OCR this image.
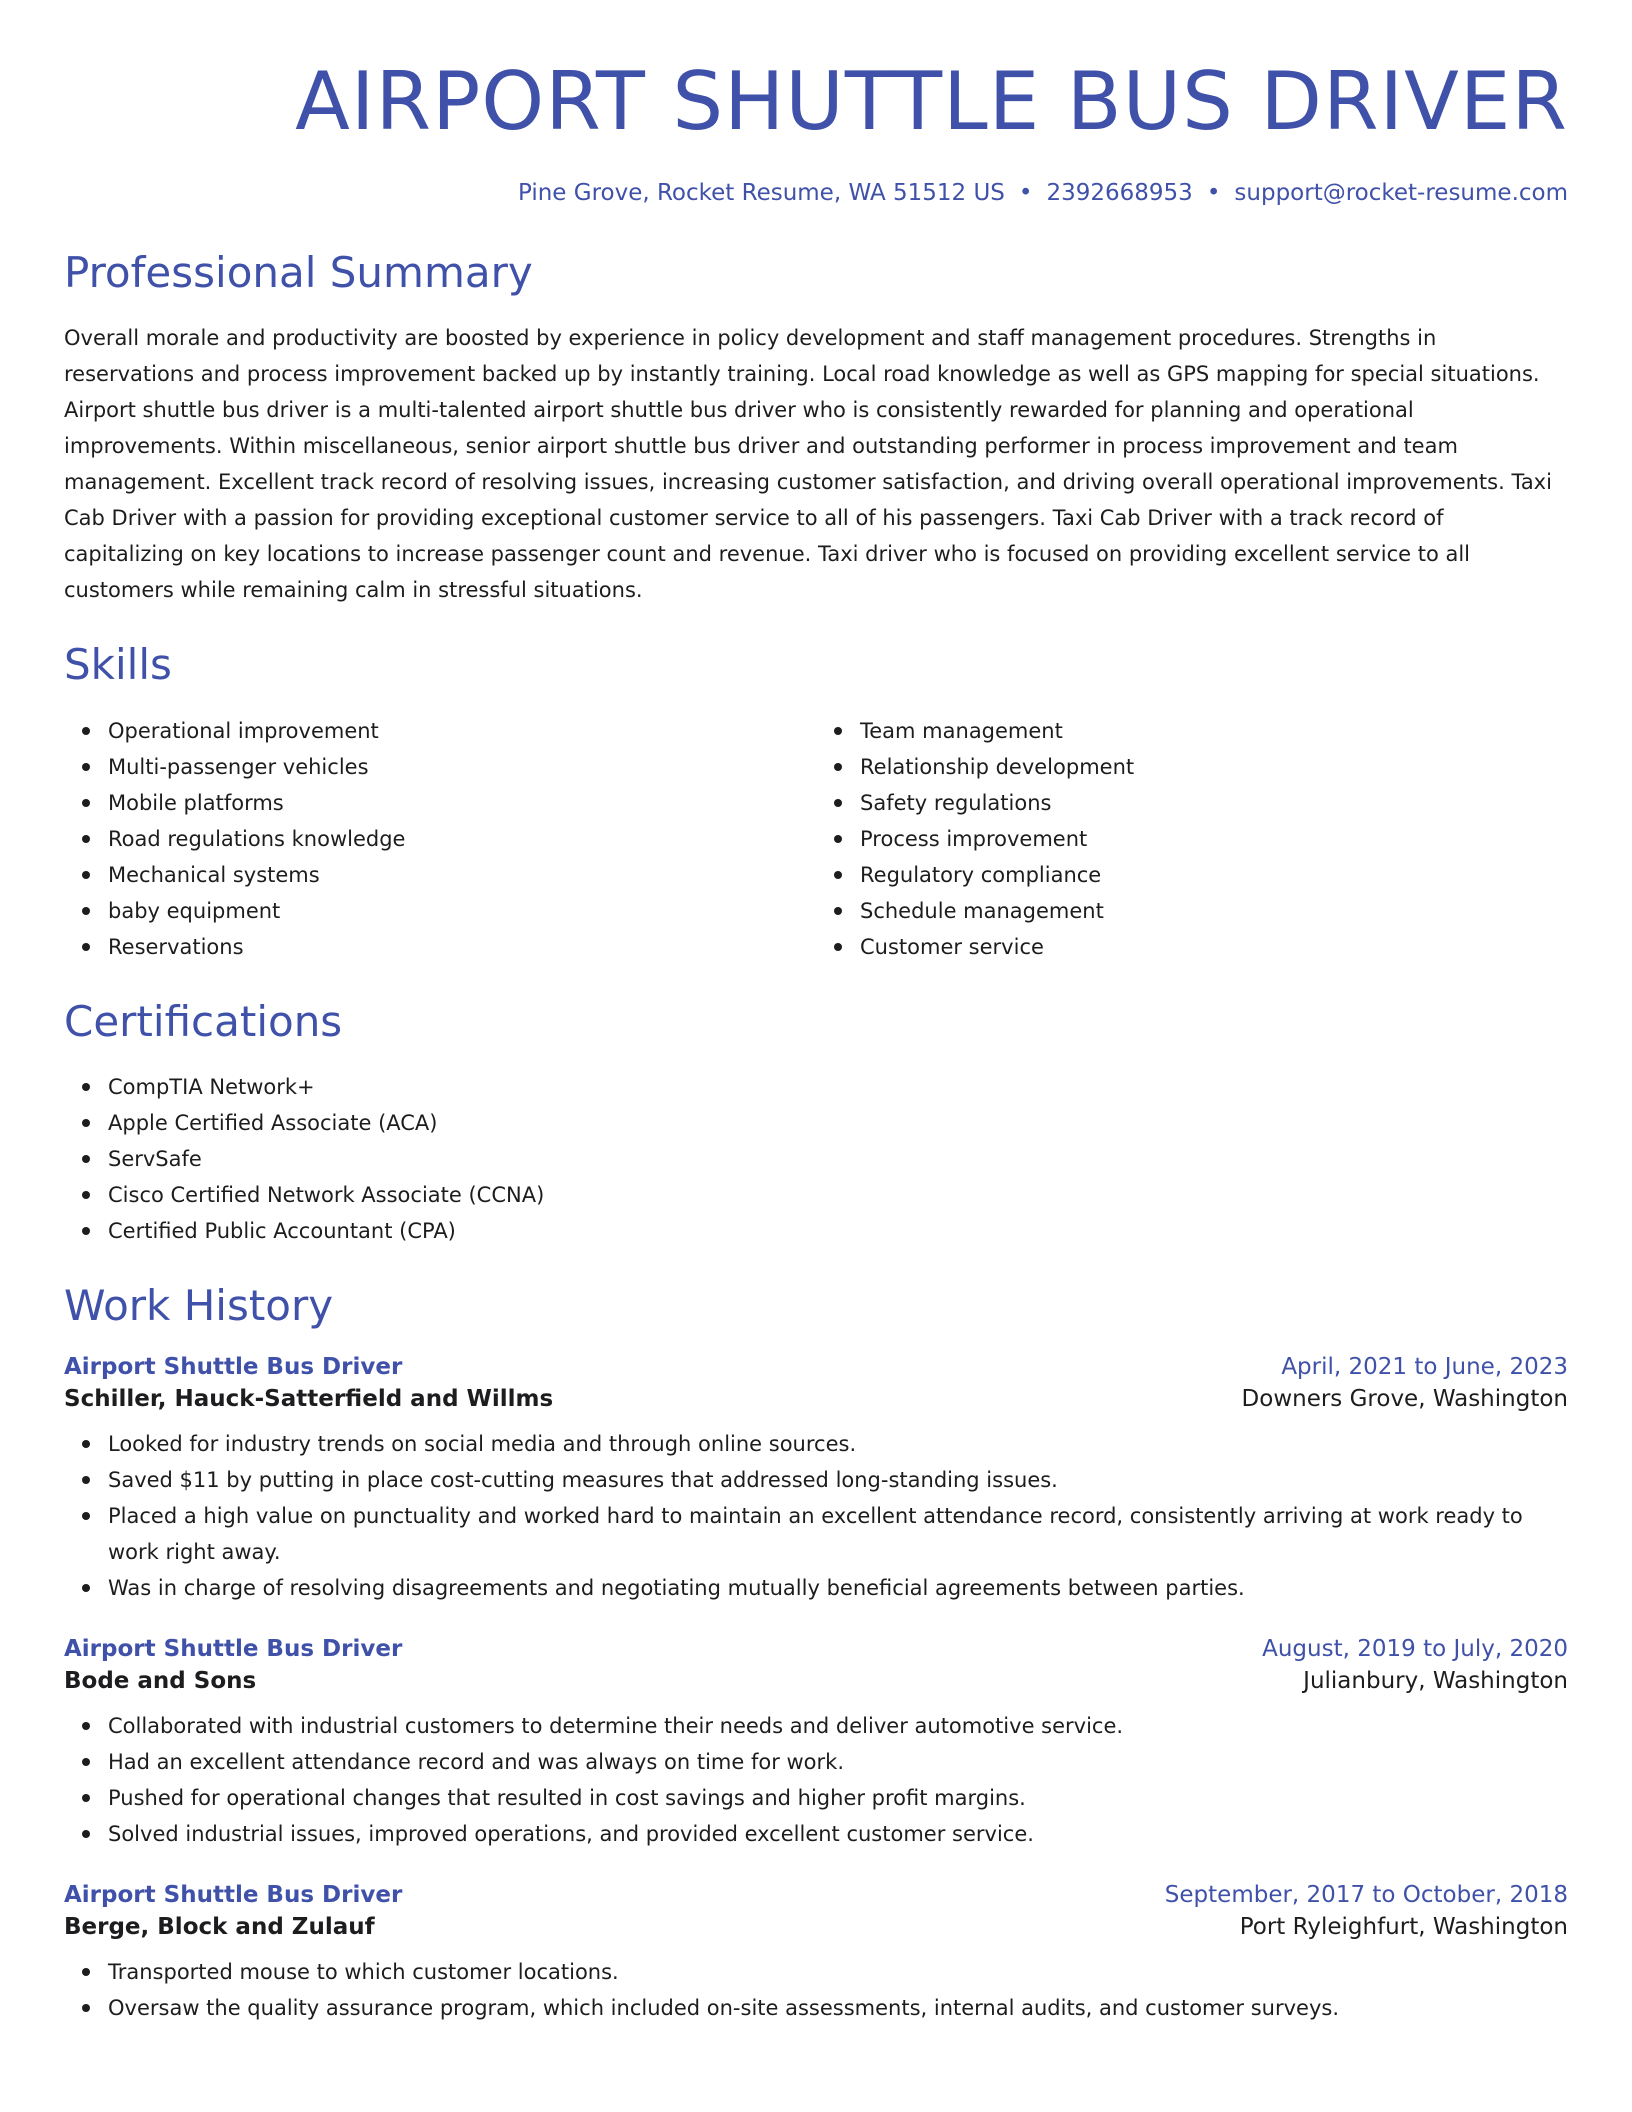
AIRPORT SHUTTLE BUS DRIVER
Pine Grove, Rocket Resume, WA 51512 US • 2392668953 • support@rocket-resume.com
Professional Summary
Overall morale and productivity are boosted by experience in policy development and staff management procedures. Strengths in reservations and process improvement backed up by instantly training. Local road knowledge as well as GPS mapping for special situations. Airport shuttle bus driver is a multi-talented airport shuttle bus driver who is consistently rewarded for planning and operational improvements. Within miscellaneous, senior airport shuttle bus driver and outstanding performer in process improvement and team management. Excellent track record of resolving issues, increasing customer satisfaction, and driving overall operational improvements. Taxi Cab Driver with a passion for providing exceptional customer service to all of his passengers. Taxi Cab Driver with a track record of capitalizing on key locations to increase passenger count and revenue. Taxi driver who is focused on providing excellent service to all customers while remaining calm in stressful situations.
Skills
Operational improvement
Multi-passenger vehicles
Mobile platforms
Road regulations knowledge
Mechanical systems
baby equipment
Reservations
Team management
Relationship development
Safety regulations
Process improvement
Regulatory compliance
Schedule management
Customer service
Certifications
CompTIA Network+
Apple Certified Associate (ACA)
ServSafe
Cisco Certified Network Associate (CCNA)
Certified Public Accountant (CPA)
Work History
Airport Shuttle Bus Driver	April, 2021 to June, 2023
Schiller, Hauck-Satterfield and Willms	Downers Grove, Washington
Looked for industry trends on social media and through online sources.
Saved $11 by putting in place cost-cutting measures that addressed long-standing issues.
Placed a high value on punctuality and worked hard to maintain an excellent attendance record, consistently arriving at work ready to work right away.
Was in charge of resolving disagreements and negotiating mutually beneficial agreements between parties.
Airport Shuttle Bus Driver	August, 2019 to July, 2020
Bode and Sons	Julianbury, Washington
Collaborated with industrial customers to determine their needs and deliver automotive service.
Had an excellent attendance record and was always on time for work.
Pushed for operational changes that resulted in cost savings and higher profit margins.
Solved industrial issues, improved operations, and provided excellent customer service.
Airport Shuttle Bus Driver	September, 2017 to October, 2018
Berge, Block and Zulauf	Port Ryleighfurt, Washington
Transported mouse to which customer locations.
Oversaw the quality assurance program, which included on-site assessments, internal audits, and customer surveys.
